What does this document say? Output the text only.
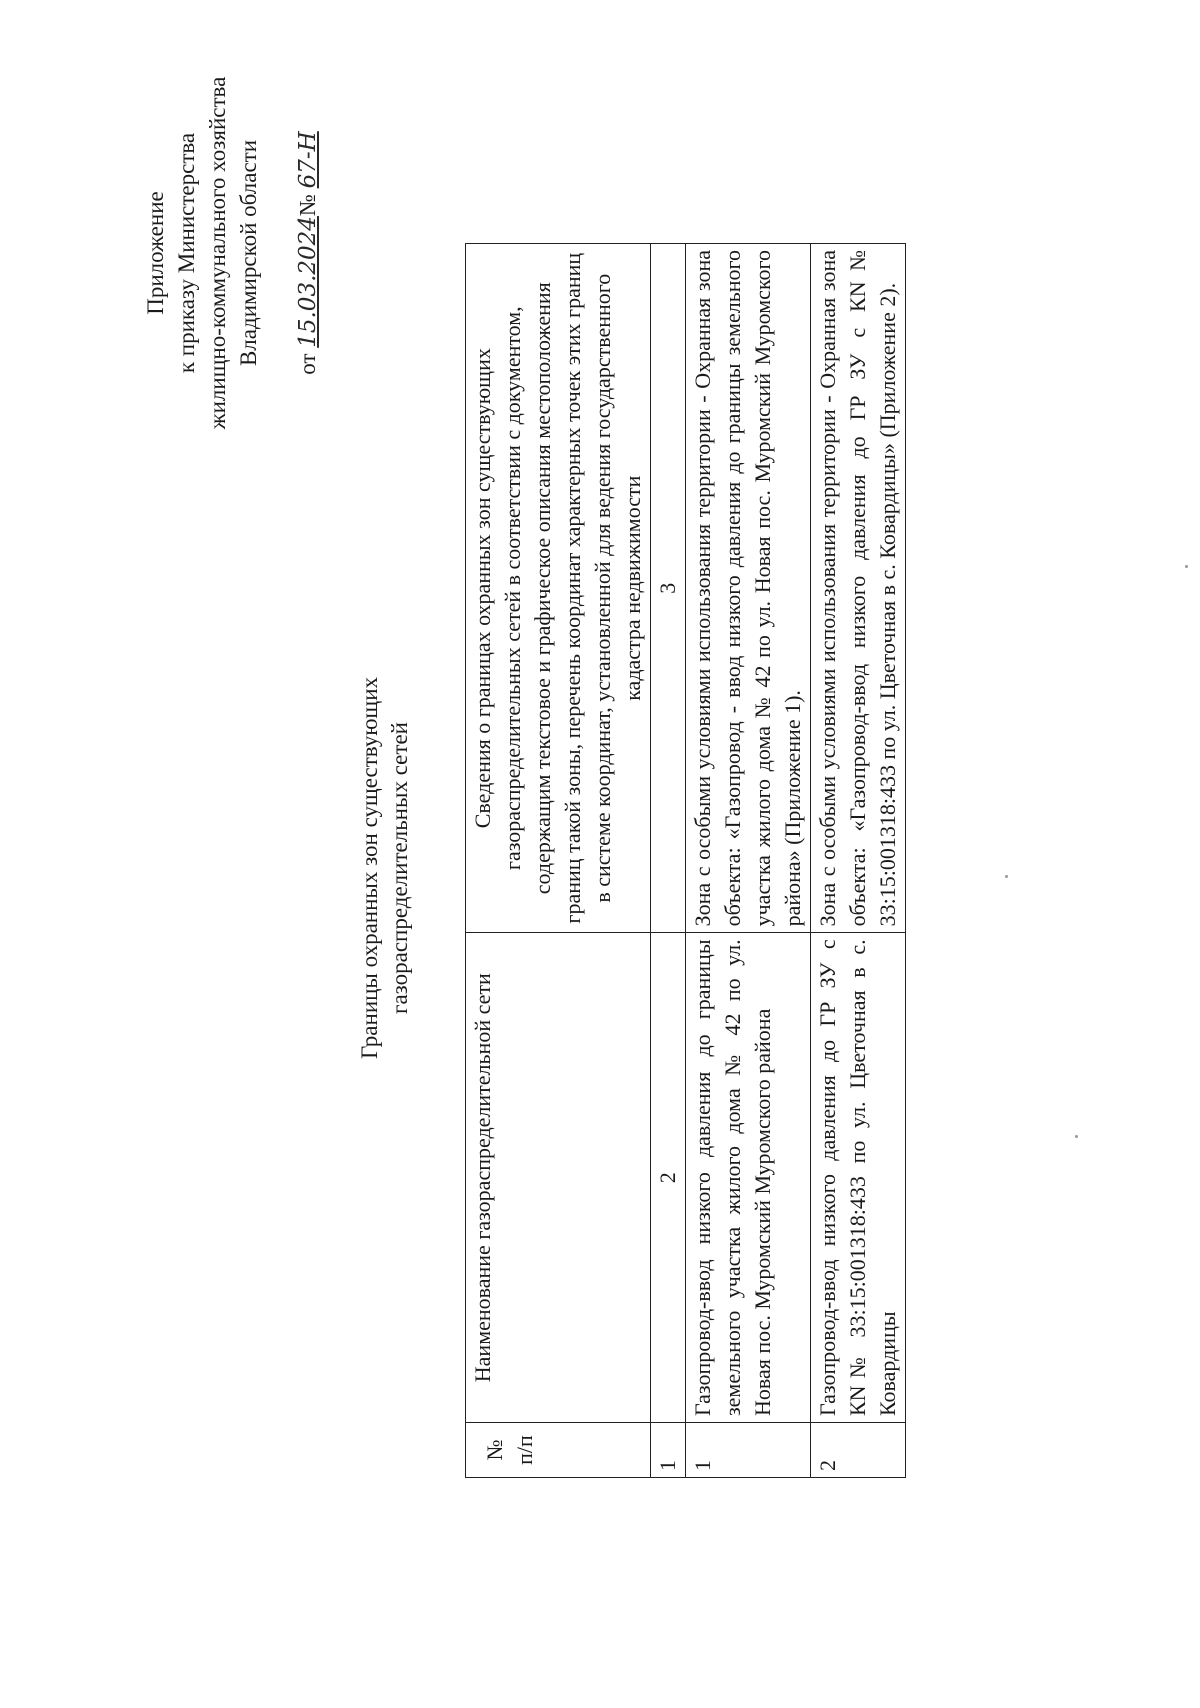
Приложение к приказу Министерства жилищно-коммунального хозяйства Владимирской области от 15.03.2024№ 67-Н
Границы охранных зон существующих газораспределительных сетей
№ п/п	Наименование газораспределительной сети	Сведения о границах охранных зон существующих газораспределительных сетей в соответствии с документом, содержащим текстовое и графическое описания местоположения границ такой зоны, перечень координат характерных точек этих границ в системе координат, установленной для ведения государственного кадастра недвижимости
1	2	3
1	Газопровод-ввод низкого давления до границы земельного участка жилого дома № 42 по ул. Новая пос. Муромский Муромского района	Зона с особыми условиями использования территории - Охранная зона объекта: «Газопровод - ввод низкого давления до границы земельного участка жилого дома № 42 по ул. Новая пос. Муромский Муромского района» (Приложение 1).
2	Газопровод-ввод низкого давления до ГР ЗУ с КN№ 33:15:001318:433 по ул. Цветочная в с. Ковардицы	Зона с особыми условиями использования территории - Охранная зона объекта: «Газопровод-ввод низкого давления до ГР ЗУ с КN№ 33:15:001318:433 по ул. Цветочная в с. Ковардицы» (Приложение 2).
